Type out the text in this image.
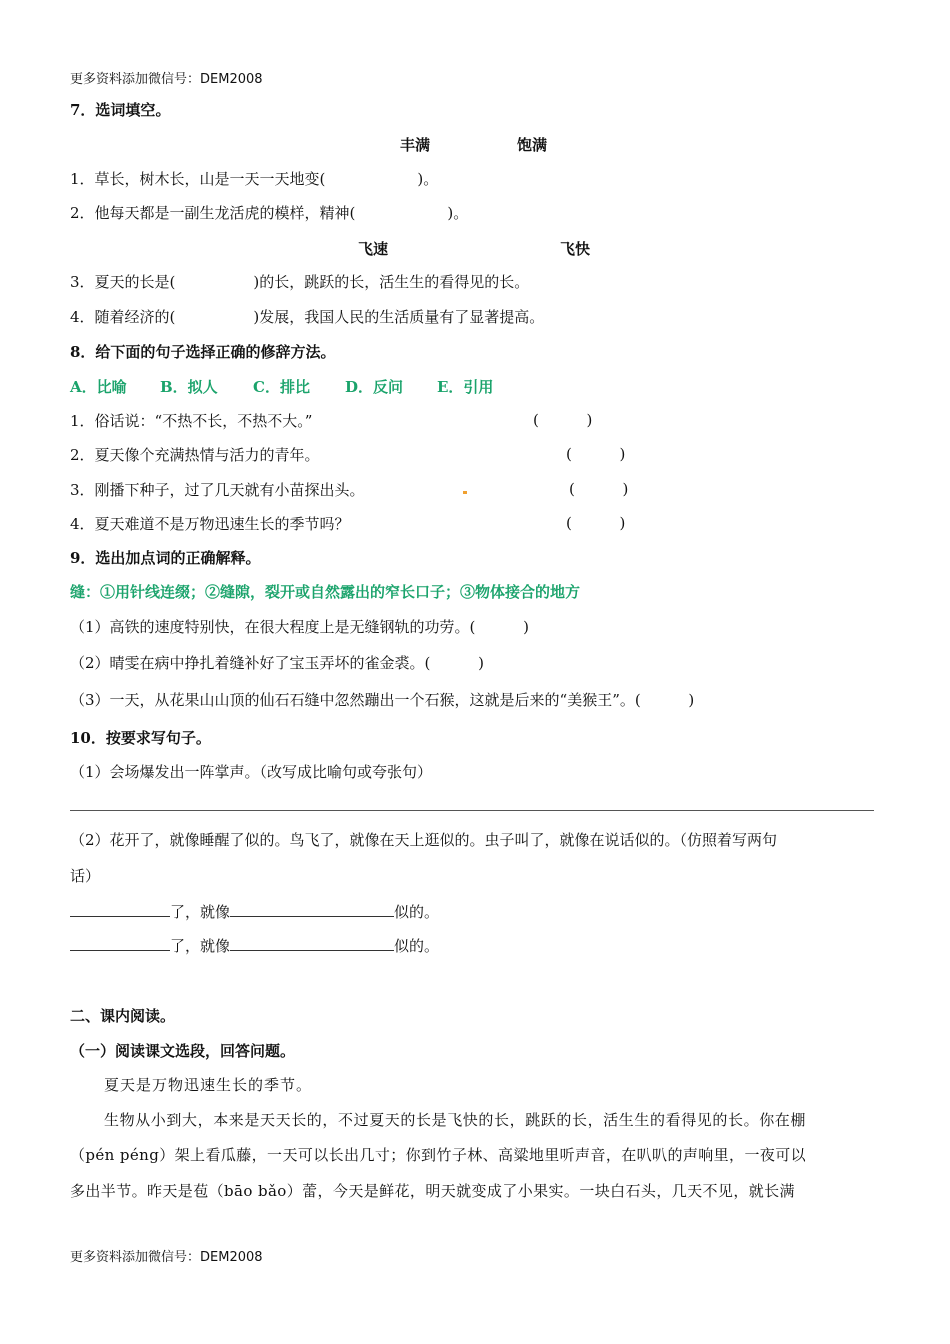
更多资料添加微信号：DEM2008
7．选词填空。
丰满	饱满
1．草长，树木长，山是一天一天地变(	)。
2．他每天都是一副生龙活虎的模样，精神(	)。
飞速	飞快
3．夏天的长是(	)的长，跳跃的长，活生生的看得见的长。
4．随着经济的(	)发展，我国人民的生活质量有了显著提高。
8．给下面的句子选择正确的修辞方法。
A．比喻 B．拟人 C．排比 D．反问 E．引用
1．俗话说：“不热不长，不热不大。”	(          )
2．夏天像个充满热情与活力的青年。	(          )
3．刚播下种子，过了几天就有小苗探出头。	(          )
4．夏天难道不是万物迅速生长的季节吗？	(          )
9．选出加点词的正确解释。
缝：①用针线连缀；②缝隙，裂开或自然露出的窄长口子；③物体接合的地方
（1）高铁的速度特别快，在很大程度上是无缝钢轨的功劳。(          )
（2）晴雯在病中挣扎着缝补好了宝玉弄坏的雀金裘。(          )
（3）一天，从花果山山顶的仙石石缝中忽然蹦出一个石猴，这就是后来的“美猴王”。(          )
10．按要求写句子。
（1）会场爆发出一阵掌声。（改写成比喻句或夸张句）
（2）花开了，就像睡醒了似的。鸟飞了，就像在天上逛似的。虫子叫了，就像在说话似的。（仿照着写两句
话）
了，就像	似的。
了，就像	似的。
二、课内阅读。
（一）阅读课文选段，回答问题。
夏天是万物迅速生长的季节。
生物从小到大，本来是天天长的，不过夏天的长是飞快的长，跳跃的长，活生生的看得见的长。你在棚
（pén péng）架上看瓜藤，一天可以长出几寸；你到竹子林、高粱地里听声音，在叭叭的声响里，一夜可以
多出半节。昨天是苞（bāo bǎo）蕾，今天是鲜花，明天就变成了小果实。一块白石头，几天不见，就长满
更多资料添加微信号：DEM2008
